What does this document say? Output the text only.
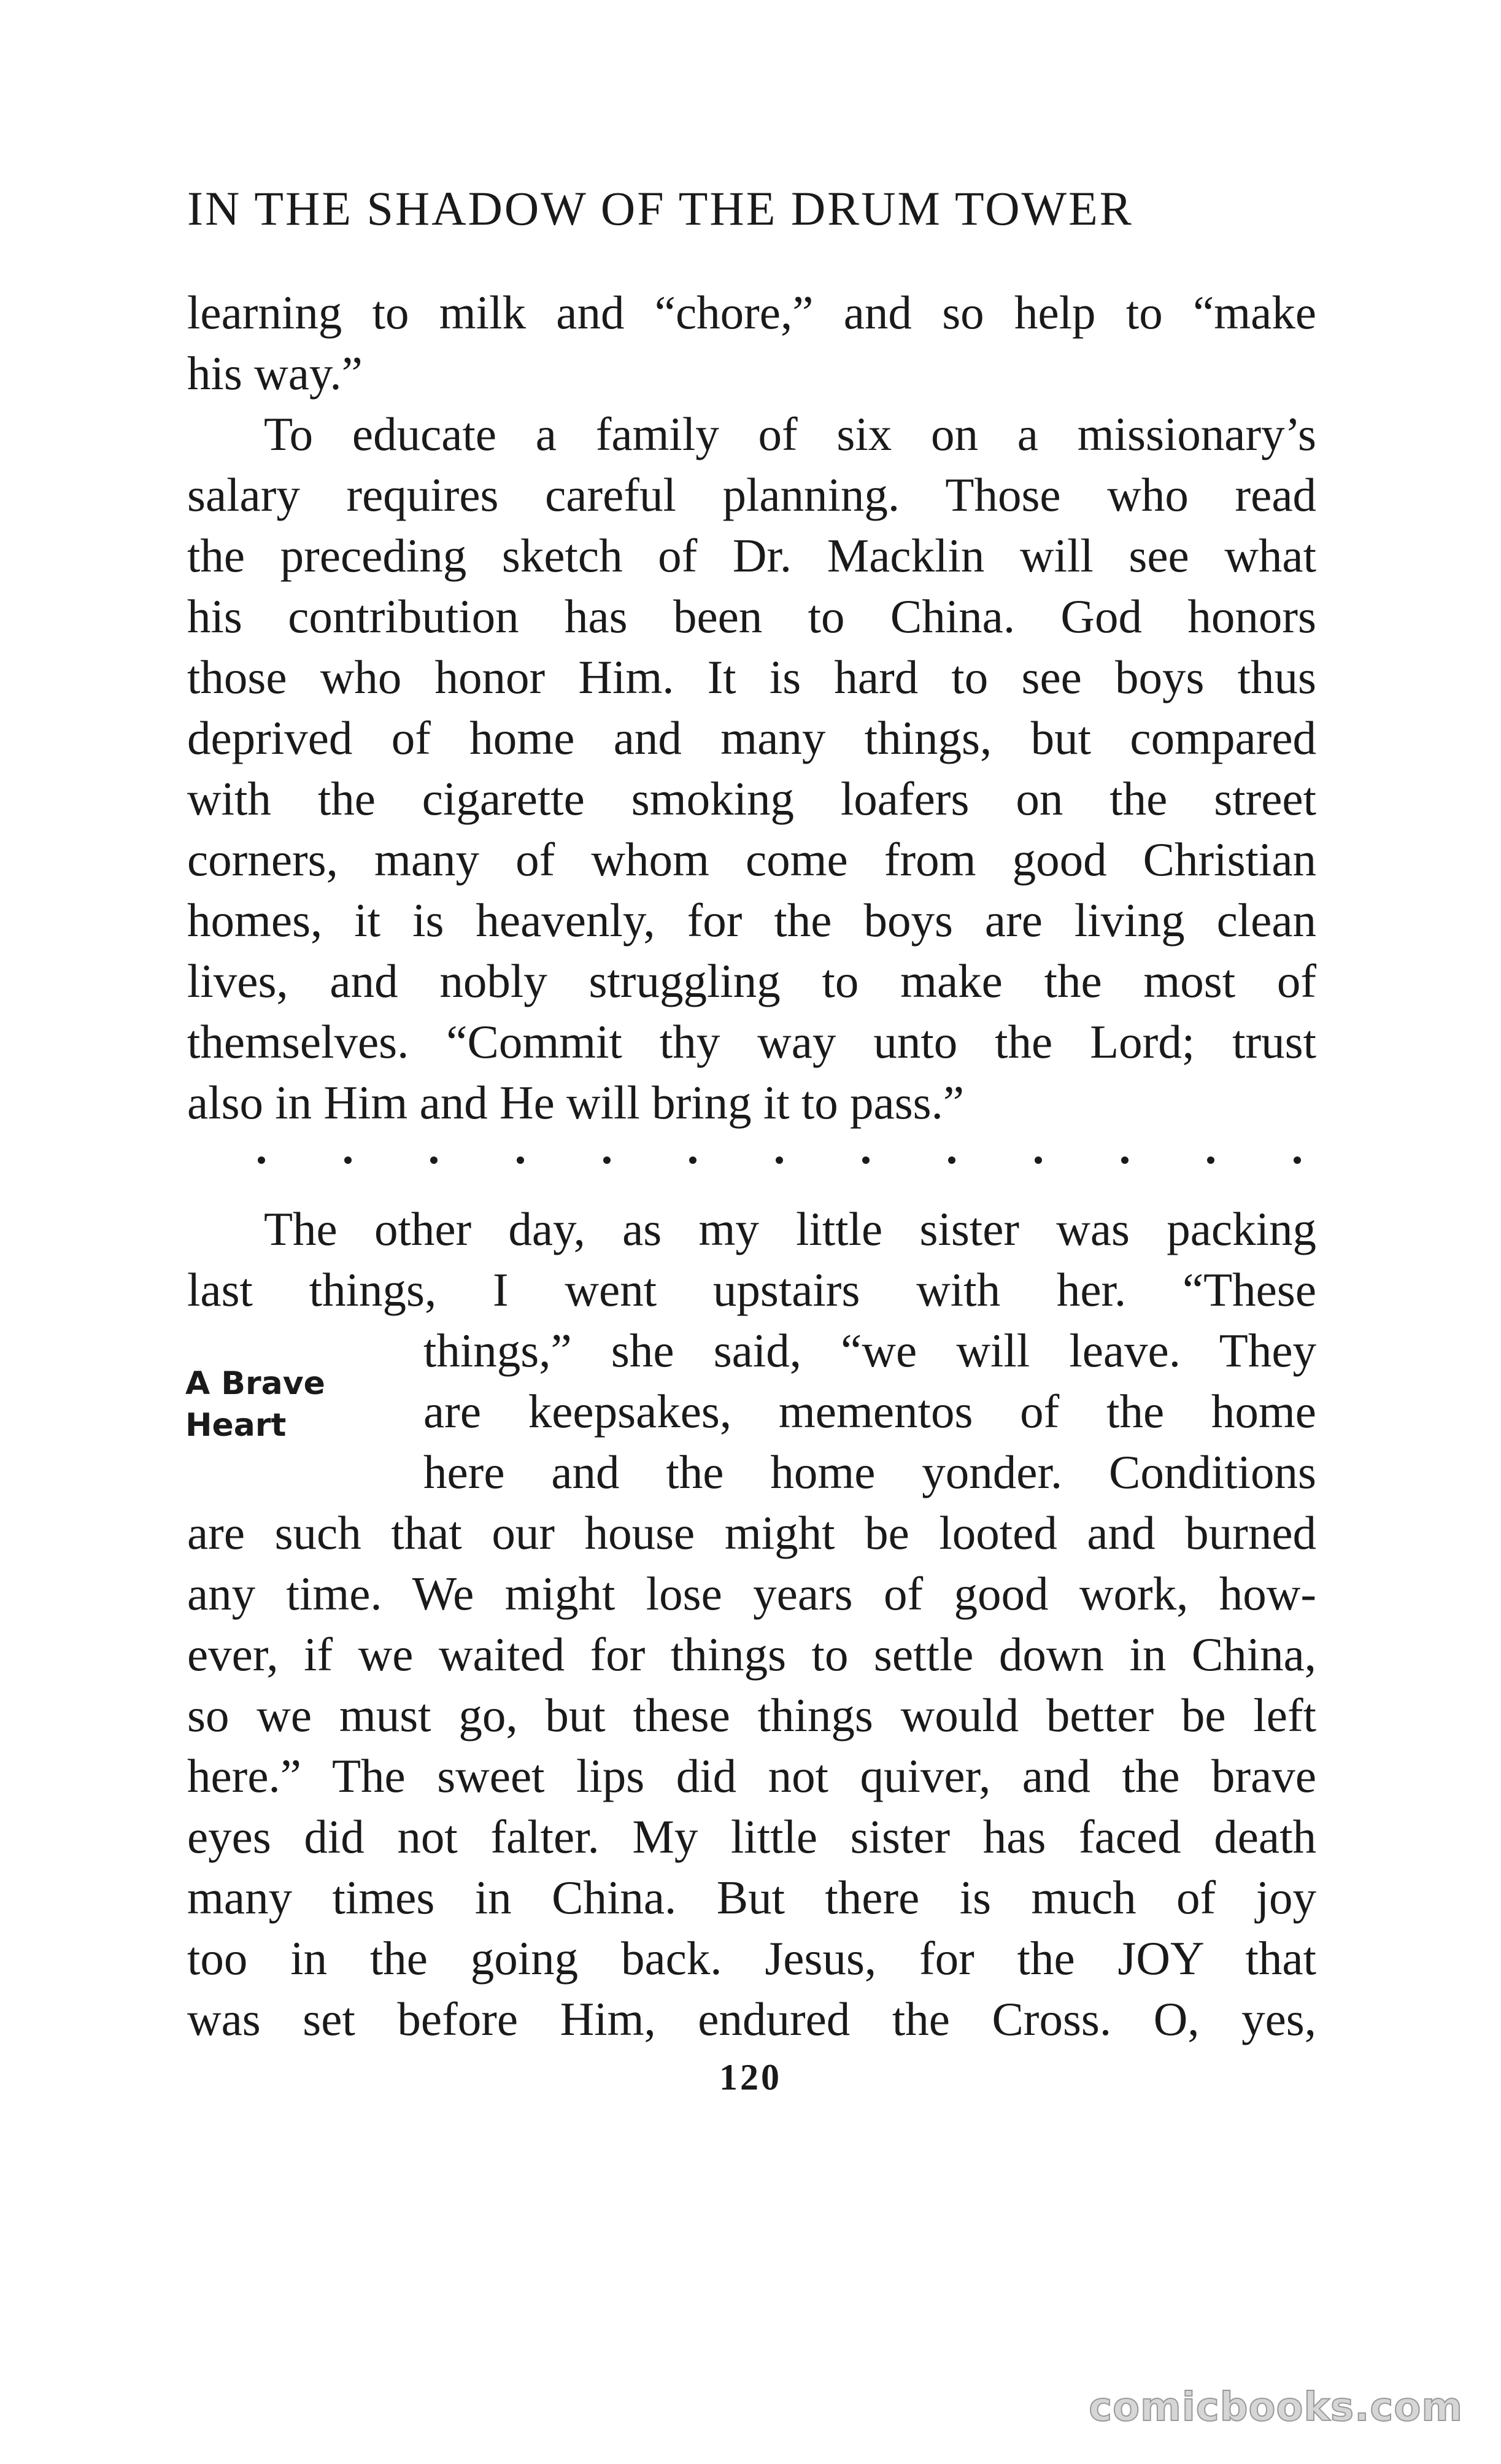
IN THE SHADOW OF THE DRUM TOWER
learning to milk and “chore,” and so help to “make
his way.”
To educate a family of six on a missionary’s
salary requires careful planning. Those who read
the preceding sketch of Dr. Macklin will see what
his contribution has been to China. God honors
those who honor Him. It is hard to see boys thus
deprived of home and many things, but compared
with the cigarette smoking loafers on the street
corners, many of whom come from good Christian
homes, it is heavenly, for the boys are living clean
lives, and nobly struggling to make the most of
themselves. “Commit thy way unto the Lord; trust
also in Him and He will bring it to pass.”
A Brave
Heart
The other day, as my little sister was packing
last things, I went upstairs with her. “These
things,” she said, “we will leave. They
are keepsakes, mementos of the home
here and the home yonder. Conditions
are such that our house might be looted and burned
any time. We might lose years of good work, how-
ever, if we waited for things to settle down in China,
so we must go, but these things would better be left
here.” The sweet lips did not quiver, and the brave
eyes did not falter. My little sister has faced death
many times in China. But there is much of joy
too in the going back. Jesus, for the JOY that
was set before Him, endured the Cross. O, yes,
120
comicbooks.com
